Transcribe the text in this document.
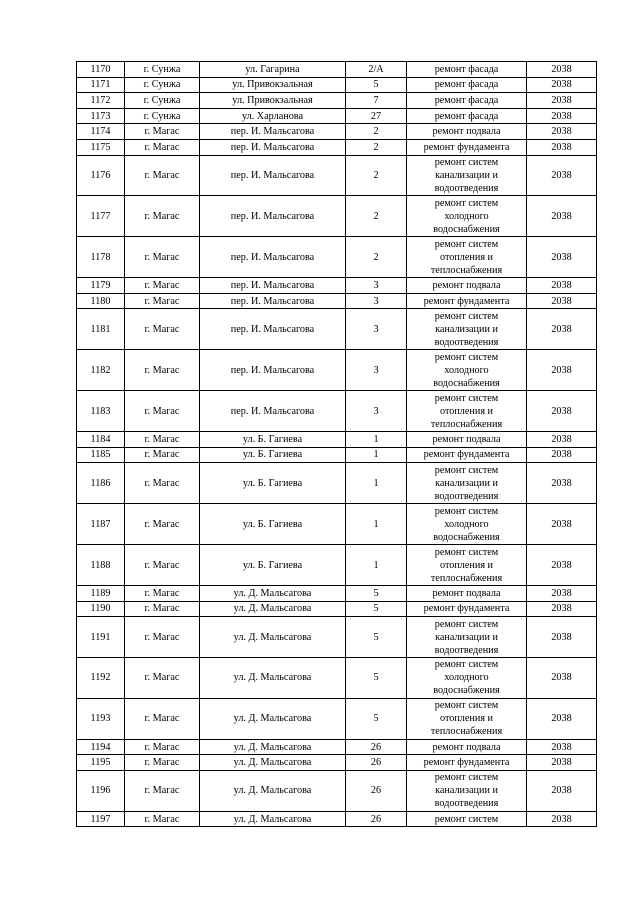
1170	г. Сунжа	ул. Гагарина	2/А	ремонт фасада	2038
1171	г. Сунжа	ул. Привокзальная	5	ремонт фасада	2038
1172	г. Сунжа	ул. Привокзальная	7	ремонт фасада	2038
1173	г. Сунжа	ул. Харланова	27	ремонт фасада	2038
1174	г. Магас	пер. И. Мальсагова	2	ремонт подвала	2038
1175	г. Магас	пер. И. Мальсагова	2	ремонт фундамента	2038
1176	г. Магас	пер. И. Мальсагова	2	ремонт систем
канализации и
водоотведения	2038
1177	г. Магас	пер. И. Мальсагова	2	ремонт систем
холодного
водоснабжения	2038
1178	г. Магас	пер. И. Мальсагова	2	ремонт систем
отопления и
теплоснабжения	2038
1179	г. Магас	пер. И. Мальсагова	3	ремонт подвала	2038
1180	г. Магас	пер. И. Мальсагова	3	ремонт фундамента	2038
1181	г. Магас	пер. И. Мальсагова	3	ремонт систем
канализации и
водоотведения	2038
1182	г. Магас	пер. И. Мальсагова	3	ремонт систем
холодного
водоснабжения	2038
1183	г. Магас	пер. И. Мальсагова	3	ремонт систем
отопления и
теплоснабжения	2038
1184	г. Магас	ул. Б. Гагиева	1	ремонт подвала	2038
1185	г. Магас	ул. Б. Гагиева	1	ремонт фундамента	2038
1186	г. Магас	ул. Б. Гагиева	1	ремонт систем
канализации и
водоотведения	2038
1187	г. Магас	ул. Б. Гагиева	1	ремонт систем
холодного
водоснабжения	2038
1188	г. Магас	ул. Б. Гагиева	1	ремонт систем
отопления и
теплоснабжения	2038
1189	г. Магас	ул. Д. Мальсагова	5	ремонт подвала	2038
1190	г. Магас	ул. Д. Мальсагова	5	ремонт фундамента	2038
1191	г. Магас	ул. Д. Мальсагова	5	ремонт систем
канализации и
водоотведения	2038
1192	г. Магас	ул. Д. Мальсагова	5	ремонт систем
холодного
водоснабжения	2038
1193	г. Магас	ул. Д. Мальсагова	5	ремонт систем
отопления и
теплоснабжения	2038
1194	г. Магас	ул. Д. Мальсагова	26	ремонт подвала	2038
1195	г. Магас	ул. Д. Мальсагова	26	ремонт фундамента	2038
1196	г. Магас	ул. Д. Мальсагова	26	ремонт систем
канализации и
водоотведения	2038
1197	г. Магас	ул. Д. Мальсагова	26	ремонт систем	2038
